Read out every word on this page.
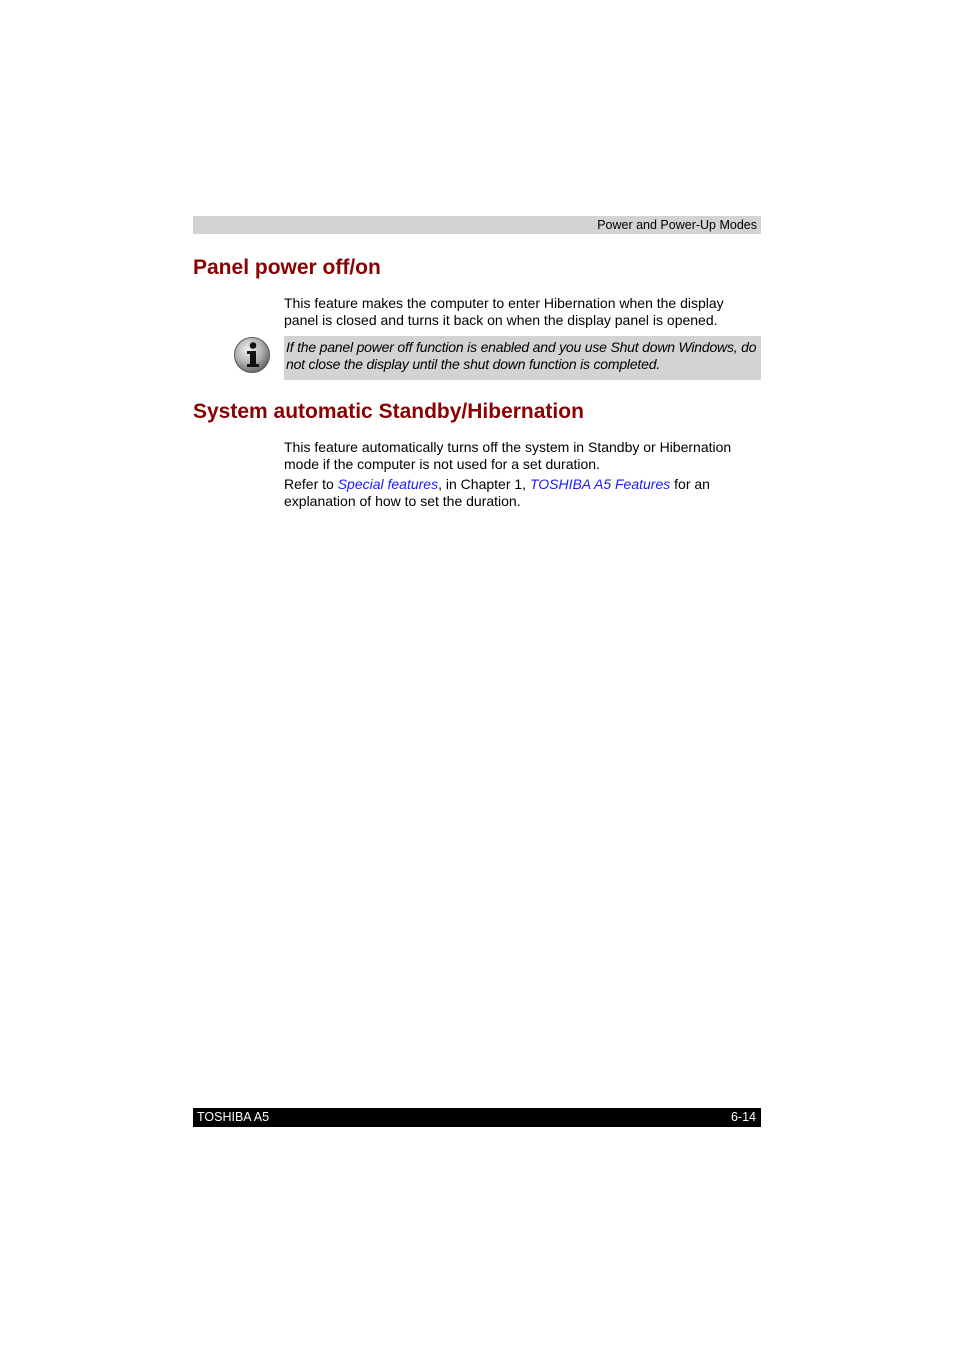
Power and Power-Up Modes
Panel power off/on

This feature makes the computer to enter Hibernation when the display panel is closed and turns it back on when the display panel is opened.

If the panel power off function is enabled and you use Shut down Windows, do not close the display until the shut down function is completed.

System automatic Standby/Hibernation

This feature automatically turns off the system in Standby or Hibernation mode if the computer is not used for a set duration.

Refer to Special features, in Chapter 1, TOSHIBA A5 Features for an explanation of how to set the duration.

TOSHIBA A5	6-14
